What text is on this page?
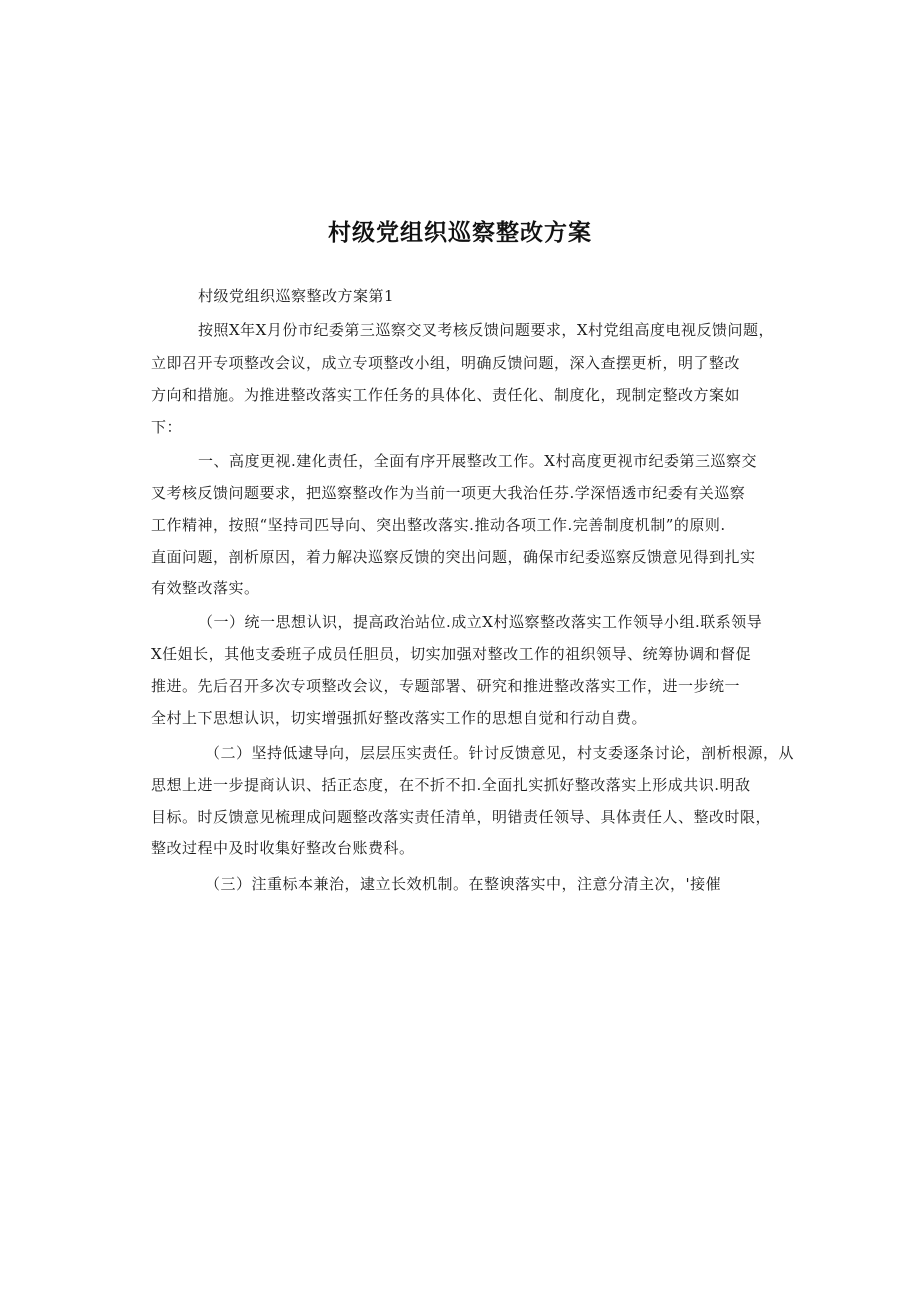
村级党组织巡察整改方案
村级党组织巡察整改方案第1
按照X年X月份市纪委第三巡察交叉考核反馈问题要求，X村党组高度电视反馈问题，
立即召开专项整改会议，成立专项整改小组，明确反馈问题，深入查摆更析，明了整改
方向和措施。为推进整改落实工作任务的具体化、责任化、制度化，现制定整改方案如
下：
一、高度更视.建化责任，全面有序开展整改工作。X村高度更视市纪委第三巡察交
叉考核反馈问题要求，把巡察整改作为当前一项更大我治任芬.学深悟透市纪委有关巡察
工作精神，按照“坚持司匹导向、突出整改落实.推动各项工作.完善制度机制”的原则.
直面问题，剖析原因，着力解决巡察反馈的突出问题，确保市纪委巡察反馈意见得到扎实
有效整改落实。
（一）统一思想认识，提高政治站位.成立X村巡察整改落实工作领导小组.联系领导
X任姐长，其他支委班子成员任胆员，切实加强对整改工作的祖织领导、统筹协调和督促
推进。先后召开多次专项整改会议，专题部署、研究和推进整改落实工作，进一步统一
全村上下思想认识，切实增强抓好整改落实工作的思想自觉和行动自费。
（二）坚持低逮导向，层层压实责任。针讨反馈意见，村支委逐条讨论，剖析根源，从
思想上进一步提商认识、括正态度，在不折不扣.全面扎实抓好整改落实上形成共识.明敌
目标。时反馈意见梳理成问题整改落实责任清单，明错责任领导、具体责任人、整改时限，
整改过程中及时收集好整改台账费科。
（三）注重标本兼治，逮立长效机制。在整谀落实中，注意分清主次，'接催
